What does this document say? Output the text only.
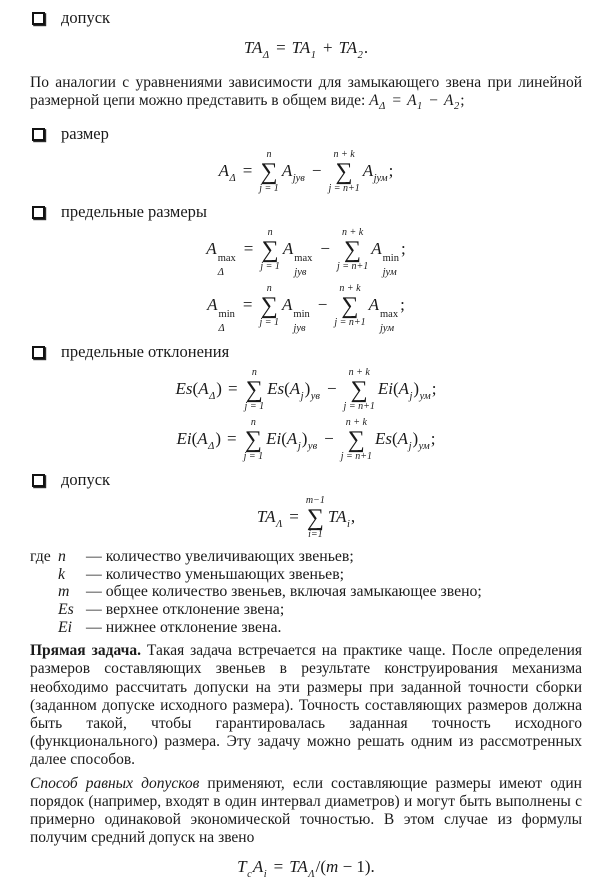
допуск
$TA_\Delta = TA_1 + TA_2$.

По аналогии с уравнениями зависимости для замыкающего звена при линейной размерной цепи можно представить в общем виде: $A_\Delta = A_1 - A_2$;

размер
$A_\Delta$ =
n
∑
j = 1
$A_{jув}$ −
n + k
∑
j = n+1
$A_{jум}$;
предельные размеры
A
max
Δ
=
n
∑
j = 1
A
max
jув
−
n + k
∑
j = n+1
A
min
jум
;
A
min
Δ
=
n
∑
j = 1
A
min
jув
−
n + k
∑
j = n+1
A
max
jум
;
предельные отклонения
$Es(A_\Delta)$ =
n
∑
j = 1
$Es(A_j)_{ув}$ −
n + k
∑
j = n+1
$Ei(A_j)_{ум}$;
$Ei(A_\Delta)$ =
n
∑
j = 1
$Ei(A_j)_{ув}$ −
n + k
∑
j = n+1
$Es(A_j)_{ум}$;
допуск
$TA_\Lambda$ =
m−1
∑
i=1
$TA_i$,
где n	— количество увеличивающих звеньев;
k	— количество уменьшающих звеньев;
m	— общее количество звеньев, включая замыкающее звено;
Es — верхнее отклонение звена;
Ei — нижнее отклонение звена.

Прямая задача. Такая задача встречается на практике чаще. После определения размеров составляющих звеньев в результате конструирования механизма необходимо рассчитать допуски на эти размеры при заданной точности сборки (заданном допуске исходного размера). Точность составляющих размеров должна быть такой, чтобы гарантировалась заданная точность исходного (функционального) размера. Эту задачу можно решать одним из рассмотренных далее способов.

Способ равных допусков применяют, если составляющие размеры имеют один порядок (например, входят в один интервал диаметров) и могут быть выполнены с примерно одинаковой экономической точностью. В этом случае из формулы получим средний допуск на звено

$T_cA_i = TA_\Lambda/(m - 1)$.
